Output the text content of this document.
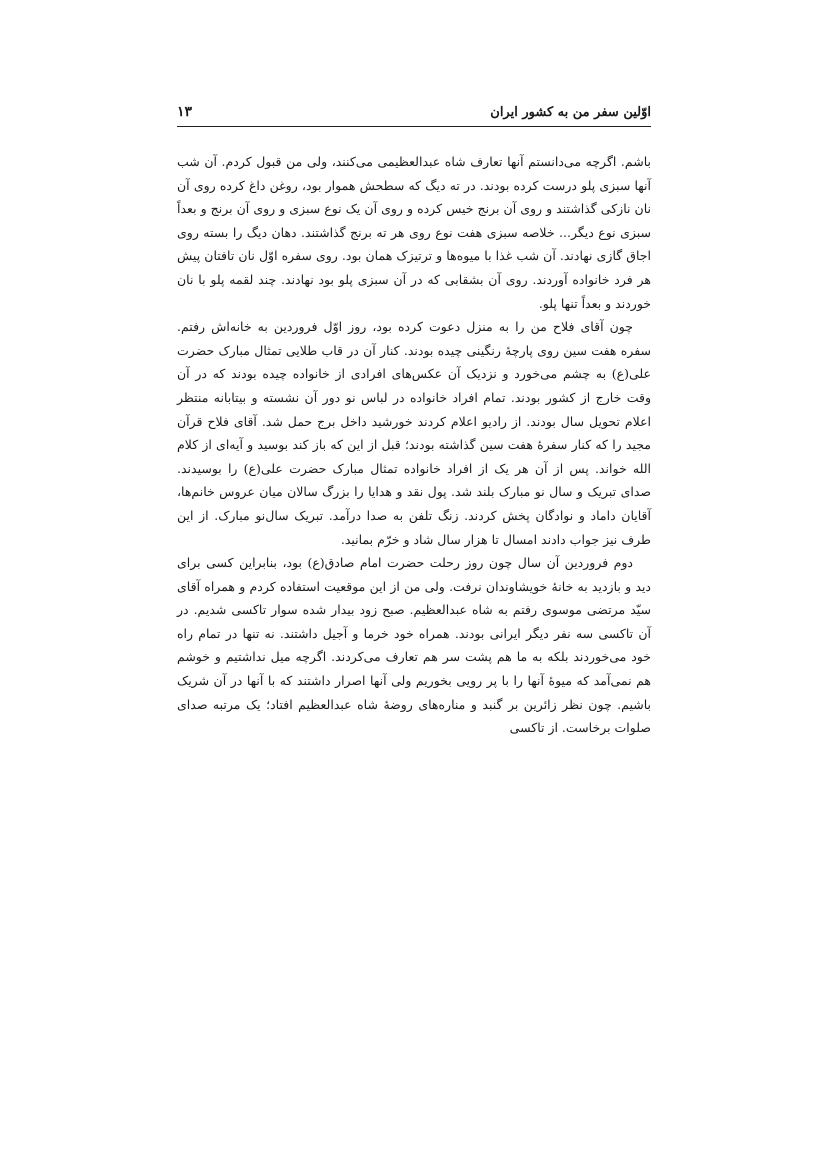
اوّلین سفر من به کشور ایران
۱۳

باشم. اگرچه می‌دانستم آنها تعارف شاه عبدالعظیمی می‌کنند، ولی من قبول کردم. آن شب آنها سبزی پلو درست کرده بودند. در ته دیگ که سطحش هموار بود، روغن داغ کرده روی آن نان نازکی گذاشتند و روی آن برنج خیس کرده و روی آن یک نوع سبزی و روی آن برنج و بعداً سبزی نوع دیگر... خلاصه سبزی هفت نوع روی هر ته برنج گذاشتند. دهان دیگ را بسته روی اجاق گازی نهادند. آن شب غذا با میوه‌ها و ترتیزک همان بود. روی سفره اوّل نان تافتان پیش هر فرد خانواده آوردند. روی آن بشقابی که در آن سبزی پلو بود نهادند. چند لقمه پلو با نان خوردند و بعداً تنها پلو.

چون آقای فلاح من را به منزل دعوت کرده بود، روز اوّل فروردین به خانه‌اش رفتم. سفره هفت سین روی پارچهٔ رنگینی چیده بودند. کنار آن در قاب طلایی تمثال مبارک حضرت علی(ع) به چشم می‌خورد و نزدیک آن عکس‌های افرادی از خانواده چیده بودند که در آن وقت خارج از کشور بودند. تمام افراد خانواده در لباس نو دور آن نشسته و بیتابانه منتظر اعلام تحویل سال بودند. از رادیو اعلام کردند خورشید داخل برج حمل شد. آقای فلاح قرآن مجید را که کنار سفرهٔ هفت سین گذاشته بودند؛ قبل از این که باز کند بوسید و آیه‌ای از کلام الله خواند. پس از آن هر یک از افراد خانواده تمثال مبارک حضرت علی(ع) را بوسیدند. صدای تبریک و سال نو مبارک بلند شد. پول نقد و هدایا را بزرگ سالان میان عروس خانم‌ها، آقایان داماد و نوادگان پخش کردند. زنگ تلفن به صدا درآمد. تبریک سال‌نو مبارک. از این طرف نیز جواب دادند امسال تا هزار سال شاد و خرّم بمانید.

دوم فروردین آن سال چون روز رحلت حضرت امام صادق(ع) بود، بنابراین کسی برای دید و بازدید به خانهٔ خویشاوندان نرفت. ولی من از این موقعیت استفاده کردم و همراه آقای سیّد مرتضی موسوی رفتم به شاه عبدالعظیم. صبح زود بیدار شده سوار تاکسی شدیم. در آن تاکسی سه نفر دیگر ایرانی بودند. همراه خود خرما و آجیل داشتند. نه تنها در تمام راه خود می‌خوردند بلکه به ما هم پشت سر هم تعارف می‌کردند. اگرچه میل نداشتیم و خوشم هم نمی‌آمد که میوهٔ آنها را با پر رویی بخوریم ولی آنها اصرار داشتند که با آنها در آن شریک باشیم. چون نظر زائرین بر گنبد و مناره‌های روضهٔ شاه عبدالعظیم افتاد؛ یک مرتبه صدای صلوات برخاست. از تاکسی
